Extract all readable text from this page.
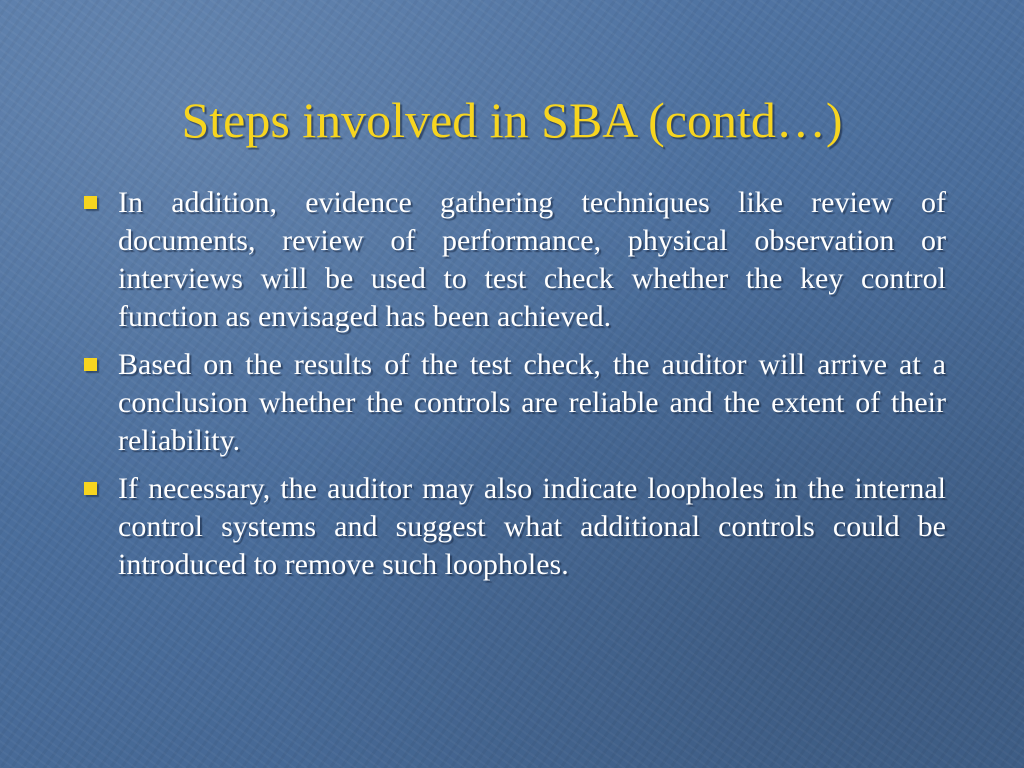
Steps involved in SBA (contd…)
In addition, evidence gathering techniques like review of documents, review of performance, physical observation or interviews will be used to test check whether the key control function as envisaged has been achieved.
Based on the results of the test check, the auditor will arrive at a conclusion whether the controls are reliable and the extent of their reliability.
If necessary, the auditor may also indicate loopholes in the internal control systems and suggest what additional controls could be introduced to remove such loopholes.
